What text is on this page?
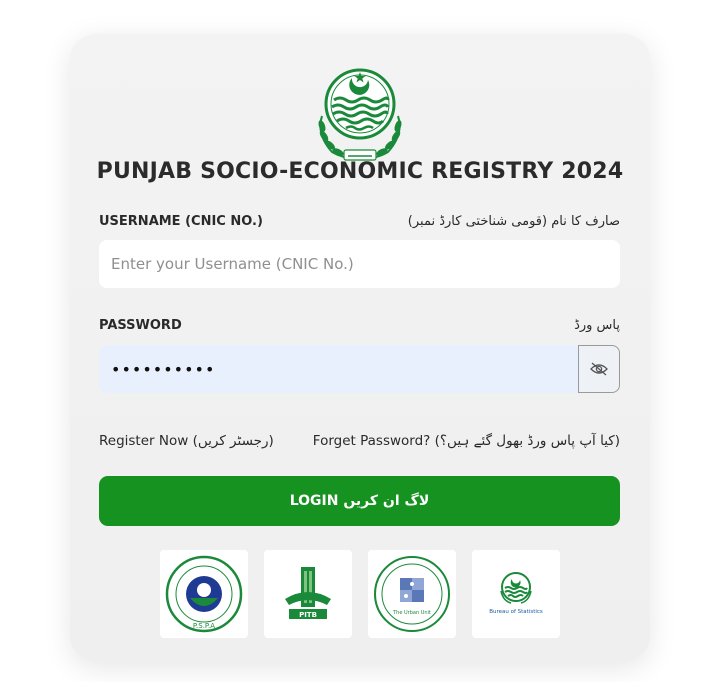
PUNJAB SOCIO-ECONOMIC REGISTRY 2024
USERNAME (CNIC NO.)	صارف کا نام (قومی شناختی کارڈ نمبر)
Enter your Username (CNIC No.)
PASSWORD	پاس ورڈ
••••••••••
Register Now (رجسٹر کریں)	Forget Password? (کیا آپ پاس ورڈ بھول گئے ہیں؟)
LOGIN لاگ ان کریں
P.S.P.A
PITB	The Urban Unit	Bureau of Statistics
